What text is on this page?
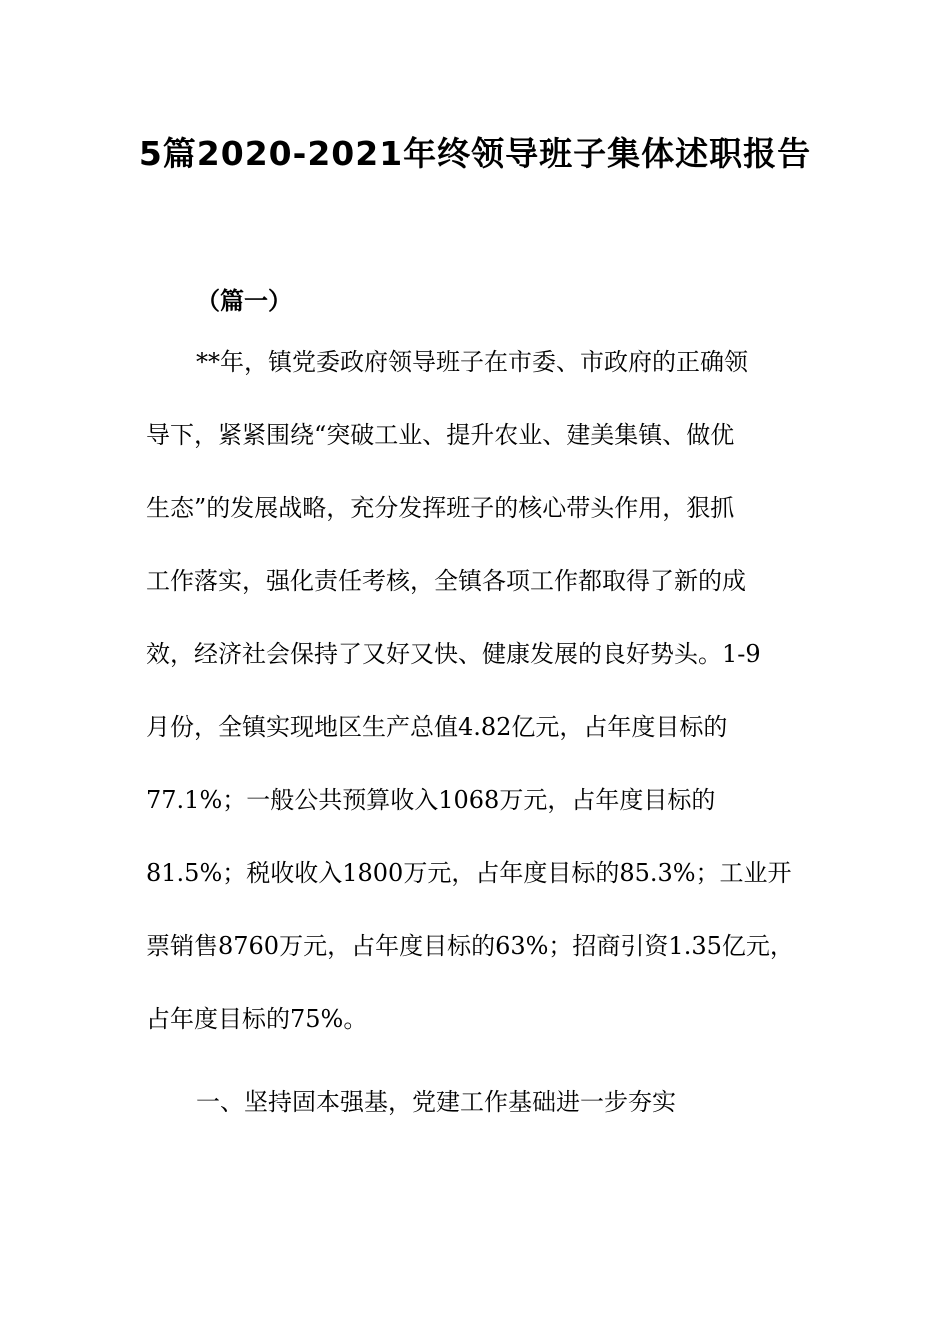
5篇2020-2021年终领导班子集体述职报告
（篇一）
**年，镇党委政府领导班子在市委、市政府的正确领
导下，紧紧围绕“突破工业、提升农业、建美集镇、做优
生态”的发展战略，充分发挥班子的核心带头作用，狠抓
工作落实，强化责任考核，全镇各项工作都取得了新的成
效，经济社会保持了又好又快、健康发展的良好势头。1-9
月份，全镇实现地区生产总值4.82亿元，占年度目标的
77.1%；一般公共预算收入1068万元，占年度目标的
81.5%；税收收入1800万元，占年度目标的85.3%；工业开
票销售8760万元，占年度目标的63%；招商引资1.35亿元，
占年度目标的75%。
一、坚持固本强基，党建工作基础进一步夯实
